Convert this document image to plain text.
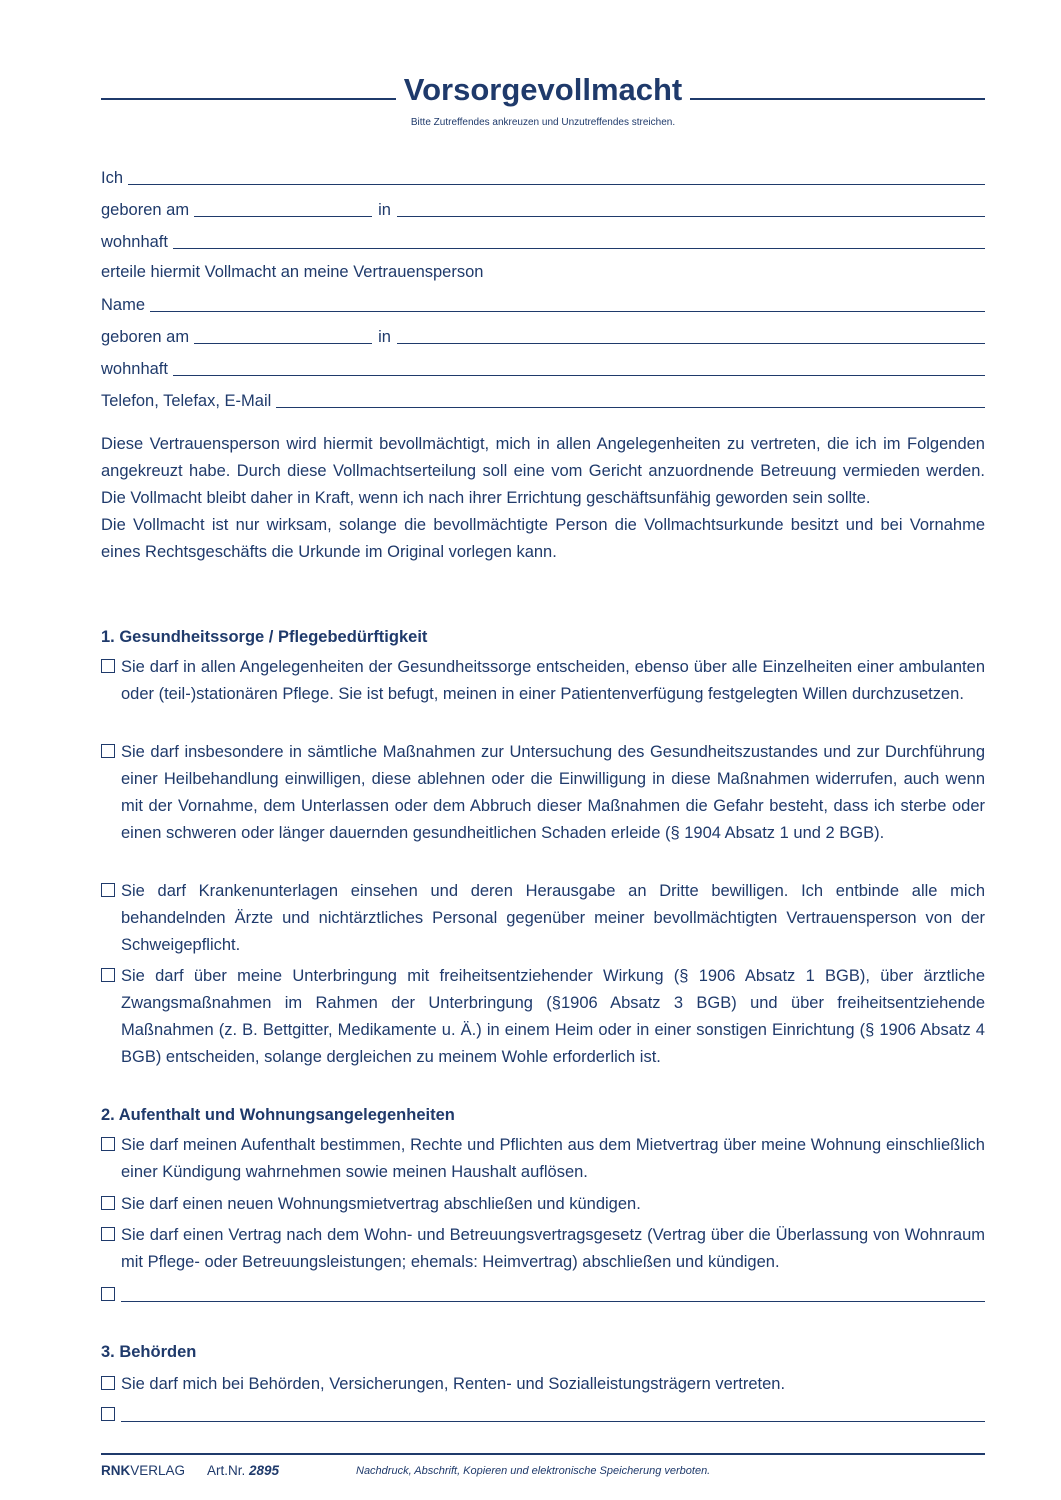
Vorsorgevollmacht
Bitte Zutreffendes ankreuzen und Unzutreffendes streichen.
Ich
geboren am	in
wohnhaft
erteile hiermit Vollmacht an meine Vertrauensperson
Name
geboren am	in
wohnhaft
Telefon, Telefax, E-Mail

Diese Vertrauensperson wird hiermit bevollmächtigt, mich in allen Angelegenheiten zu vertreten, die ich im Folgenden angekreuzt habe. Durch diese Vollmachtserteilung soll eine vom Gericht anzuordnende Betreuung vermieden werden. Die Vollmacht bleibt daher in Kraft, wenn ich nach ihrer Errichtung geschäftsunfähig geworden sein sollte.

Die Vollmacht ist nur wirksam, solange die bevollmächtigte Person die Vollmachtsurkunde besitzt und bei Vornahme eines Rechtsgeschäfts die Urkunde im Original vorlegen kann.

1. Gesundheitssorge / Pflegebedürftigkeit
Sie darf in allen Angelegenheiten der Gesundheitssorge entscheiden, ebenso über alle Einzelheiten einer ambulanten oder (teil-)stationären Pflege. Sie ist befugt, meinen in einer Patientenverfügung festgelegten Willen durchzusetzen.
Sie darf insbesondere in sämtliche Maßnahmen zur Untersuchung des Gesundheitszustandes und zur Durchführung einer Heilbehandlung einwilligen, diese ablehnen oder die Einwilligung in diese Maßnahmen widerrufen, auch wenn mit der Vornahme, dem Unterlassen oder dem Abbruch dieser Maßnahmen die Gefahr besteht, dass ich sterbe oder einen schweren oder länger dauernden gesundheitlichen Schaden erleide (§ 1904 Absatz 1 und 2 BGB).
Sie darf Krankenunterlagen einsehen und deren Herausgabe an Dritte bewilligen. Ich entbinde alle mich behandelnden Ärzte und nichtärztliches Personal gegenüber meiner bevollmächtigten Vertrauensperson von der Schweigepflicht.
Sie darf über meine Unterbringung mit freiheitsentziehender Wirkung (§ 1906 Absatz 1 BGB), über ärztliche Zwangsmaßnahmen im Rahmen der Unterbringung (§1906 Absatz 3 BGB) und über freiheitsentziehende Maßnahmen (z. B. Bettgitter, Medikamente u. Ä.) in einem Heim oder in einer sonstigen Einrichtung (§ 1906 Absatz 4 BGB) entscheiden, solange dergleichen zu meinem Wohle erforderlich ist.
2. Aufenthalt und Wohnungsangelegenheiten
Sie darf meinen Aufenthalt bestimmen, Rechte und Pflichten aus dem Mietvertrag über meine Wohnung einschließlich einer Kündigung wahrnehmen sowie meinen Haushalt auflösen.
Sie darf einen neuen Wohnungsmietvertrag abschließen und kündigen.
Sie darf einen Vertrag nach dem Wohn- und Betreuungsvertragsgesetz (Vertrag über die Überlassung von Wohnraum mit Pflege- oder Betreuungsleistungen; ehemals: Heimvertrag) abschließen und kündigen.
3. Behörden
Sie darf mich bei Behörden, Versicherungen, Renten- und Sozialleistungsträgern vertreten.
RNKVERLAG Art.Nr. 2895	Nachdruck, Abschrift, Kopieren und elektronische Speicherung verboten.
